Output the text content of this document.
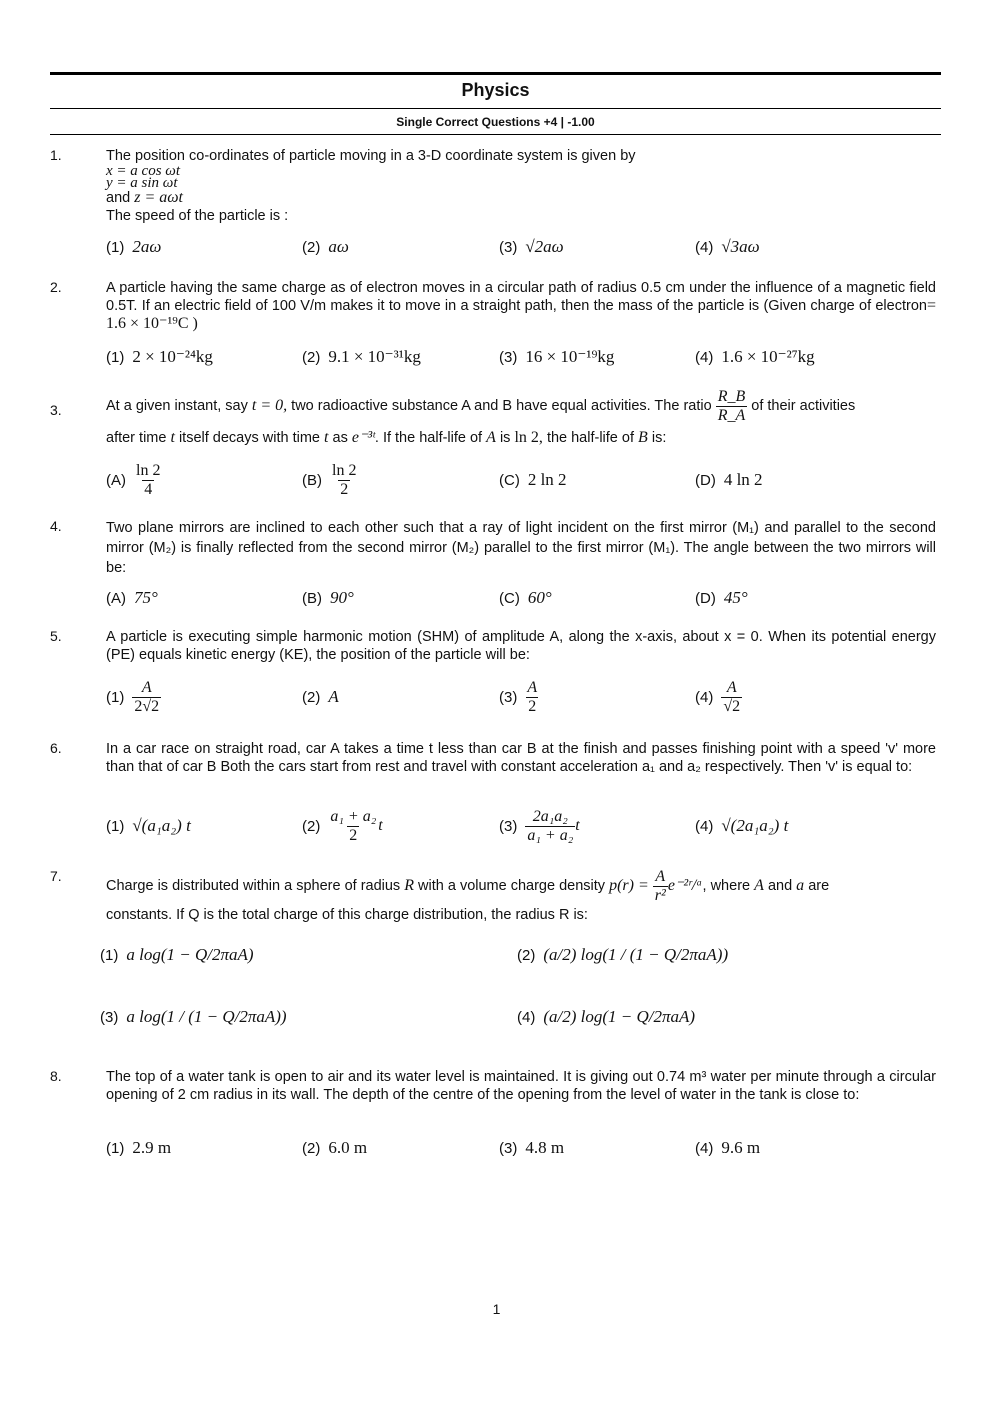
Physics
Single Correct Questions +4 | -1.00
1.	The position co-ordinates of particle moving in a 3-D coordinate system is given by
x = a cos ωt
y = a sin ωt
and z = aωt
The speed of the particle is :
(1) 2aω	(2) aω	(3) √2aω	(4) √3aω
2.	A particle having the same charge as of electron moves in a circular path of radius 0.5 cm under the influence of a magnetic field 0.5T. If an electric field of 100 V/m makes it to move in a straight path, then the mass of the particle is (Given charge of electron= 1.6 × 10⁻¹⁹C )
(1) 2 × 10⁻²⁴kg	(2) 9.1 × 10⁻³¹kg	(3) 16 × 10⁻¹⁹kg	(4) 1.6 × 10⁻²⁷kg
3.	At a given instant, say
t = 0,
two radioactive substance A and B have equal activities. The ratio
$\frac{R\_B}{R\_A}$
of their activities
after time t itself decays with time t as e⁻³ᵗ. If the half-life of A is ln 2, the half-life of B is:
$(A) \frac{\ln 2}{4}$	$(B) \frac{\ln 2}{2}$	(C) 2 ln 2	(D) 4 ln 2
4.	Two plane mirrors are inclined to each other such that a ray of light incident on the first mirror (M₁) and parallel to the second mirror (M₂) is finally reflected from the second mirror (M₂) parallel to the first mirror (M₁). The angle between the two mirrors will be:
(A) 75°	(B) 90°	(C) 60°	(D) 45°
5.	A particle is executing simple harmonic motion (SHM) of amplitude A, along the x-axis, about x = 0. When its potential energy (PE) equals kinetic energy (KE), the position of the particle will be:
$(1) \frac{A}{2√2}$	(2) A	$(3) \frac{A}{2}$	$(4) \frac{A}{√2}$
6.	In a car race on straight road, car A takes a time t less than car B at the finish and passes finishing point with a speed 'v' more than that of car B Both the cars start from rest and travel with constant acceleration a₁ and a₂ respectively. Then 'v' is equal to:
(1) √(a₁a₂) t	$(2) \frac{\text{a₁ + a₂}}{2}$ t	$(3) \frac{\text{2a₁a₂}}{\text{a₁ + a₂}}$ t	(4) √(2a₁a₂) t
7.
Charge is distributed within a sphere of radius
R
with a volume charge density
p(r) =
$\frac{A}{\text{r²}}$ e⁻²ʳ/ᵃ , where
A
and
a
are
constants. If Q is the total charge of this charge distribution, the radius R is:
(1) a log(1 − Q/2πaA)	(2) (a/2) log(1 / (1 − Q/2πaA))
(3) a log(1 / (1 − Q/2πaA))	(4) (a/2) log(1 − Q/2πaA)
8.	The top of a water tank is open to air and its water level is maintained. It is giving out 0.74 m³ water per minute through a circular opening of 2 cm radius in its wall. The depth of the centre of the opening from the level of water in the tank is close to:
(1) 2.9 m	(2) 6.0 m	(3) 4.8 m	(4) 9.6 m
1
